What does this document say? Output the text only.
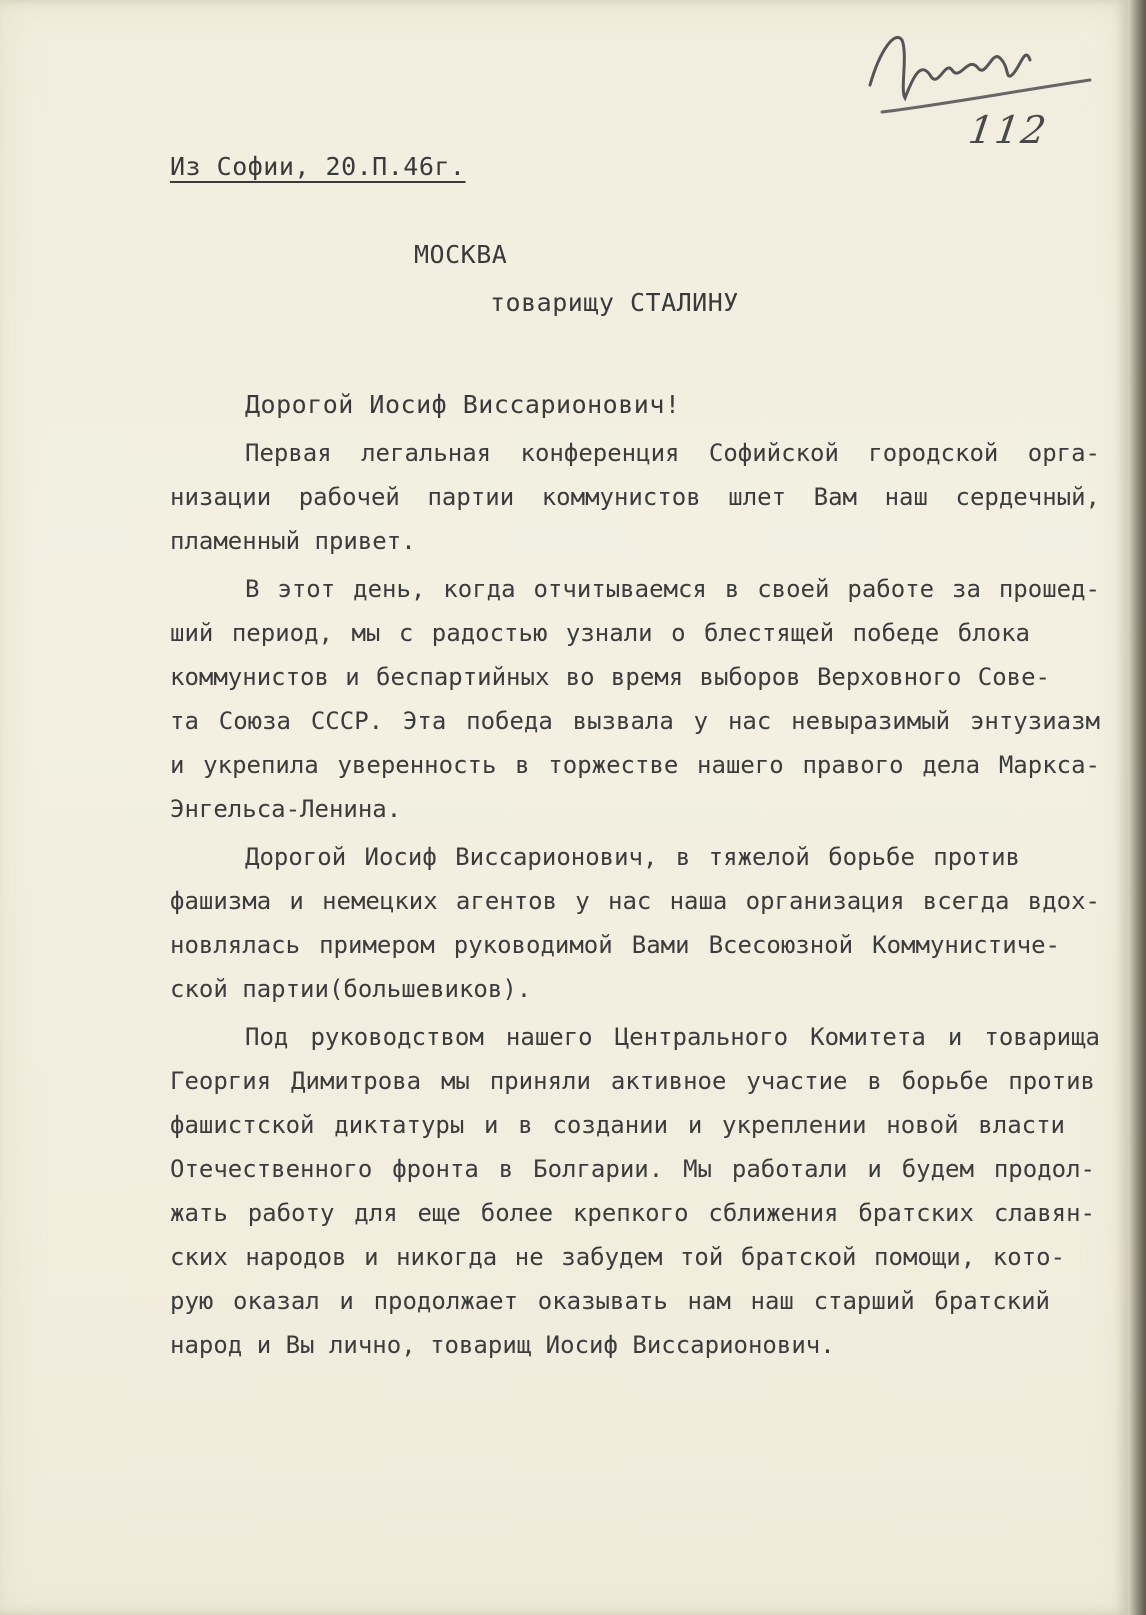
112
Из Софии, 20.П.46г.
МОСКВА
товарищу СТАЛИНУ
Дорогой Иосиф Виссарионович!
Первая легальная конференция Софийской городской орга-
низации рабочей партии коммунистов шлет Вам наш сердечный,
пламенный привет.
В этот день, когда отчитываемся в своей работе за прошед-
ший период, мы с радостью узнали о блестящей победе блока
коммунистов и беспартийных во время выборов Верховного Сове-
та Союза СССР. Эта победа вызвала у нас невыразимый энтузиазм
и укрепила уверенность в торжестве нашего правого дела Маркса-
Энгельса-Ленина.
Дорогой Иосиф Виссарионович, в тяжелой борьбе против
фашизма и немецких агентов у нас наша организация всегда вдох-
новлялась примером руководимой Вами Всесоюзной Коммунистиче-
ской партии(большевиков).
Под руководством нашего Центрального Комитета и товарища
Георгия Димитрова мы приняли активное участие в борьбе против
фашистской диктатуры и в создании и укреплении новой власти
Отечественного фронта в Болгарии. Мы работали и будем продол-
жать работу для еще более крепкого сближения братских славян-
ских народов и никогда не забудем той братской помощи, кото-
рую оказал и продолжает оказывать нам наш старший братский
народ и Вы лично, товарищ Иосиф Виссарионович.
